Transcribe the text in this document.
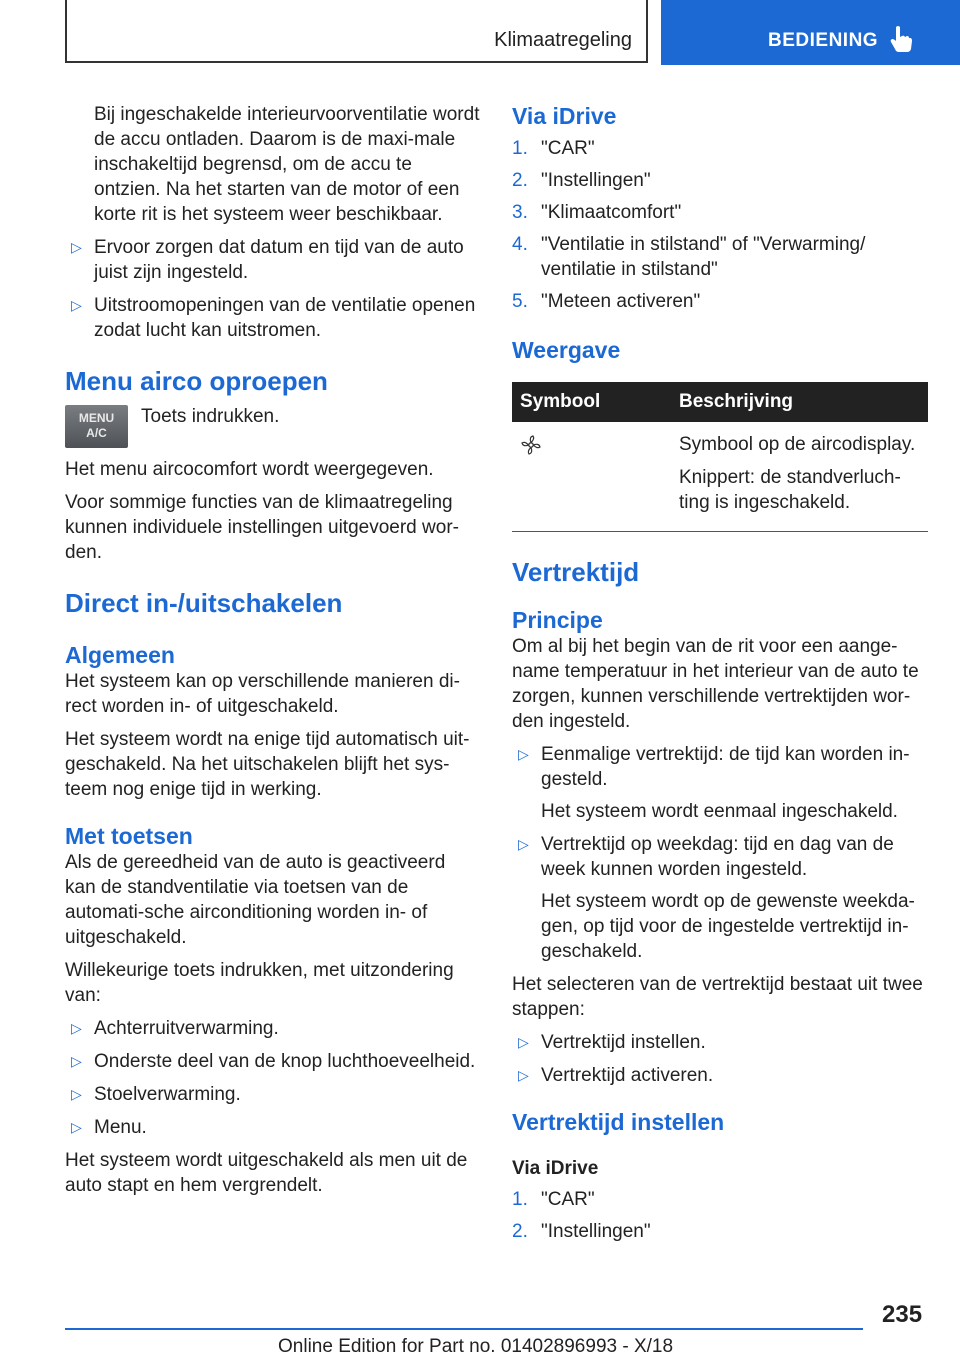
Klimaatregeling	BEDIENING

Bij ingeschakelde interieurvoorventilatie wordt de accu ontladen. Daarom is de maxi-male inschakeltijd begrensd, om de accu te ontzien. Na het starten van de motor of een korte rit is het systeem weer beschikbaar.

▷ Ervoor zorgen dat datum en tijd van de auto juist zijn ingesteld.
▷ Uitstroomopeningen van de ventilatie openen zodat lucht kan uitstromen.
Menu airco oproepen
MENU
A/C
Toets indrukken.

Het menu aircocomfort wordt weergegeven.

Voor sommige functies van de klimaatregeling kunnen individuele instellingen uitgevoerd wor-den.

Direct in-/uitschakelen
Algemeen

Het systeem kan op verschillende manieren di-rect worden in- of uitgeschakeld.

Het systeem wordt na enige tijd automatisch uit-geschakeld. Na het uitschakelen blijft het sys-teem nog enige tijd in werking.

Met toetsen

Als de gereedheid van de auto is geactiveerd kan de standventilatie via toetsen van de automati-sche airconditioning worden in- of uitgeschakeld.

Willekeurige toets indrukken, met uitzondering van:

▷ Achterruitverwarming.
▷ Onderste deel van de knop luchthoeveelheid.
▷ Stoelverwarming.
▷ Menu.

Het systeem wordt uitgeschakeld als men uit de auto stapt en hem vergrendelt.

Via iDrive
1. "CAR"
2. "Instellingen"
3. "Klimaatcomfort"
4. "Ventilatie in stilstand" of "Verwarming/ ventilatie in stilstand"
5. "Meteen activeren"
Weergave
Symbool	Beschrijving

Symbool op de aircodisplay.

Knippert: de standverluch-ting is ingeschakeld.

Vertrektijd
Principe

Om al bij het begin van de rit voor een aange-name temperatuur in het interieur van de auto te zorgen, kunnen verschillende vertrektijden wor-den ingesteld.

▷ Eenmalige vertrektijd: de tijd kan worden in-gesteld.
Het systeem wordt eenmaal ingeschakeld.
▷ Vertrektijd op weekdag: tijd en dag van de week kunnen worden ingesteld.
Het systeem wordt op de gewenste weekda-gen, op tijd voor de ingestelde vertrektijd in-geschakeld.

Het selecteren van de vertrektijd bestaat uit twee stappen:

▷ Vertrektijd instellen.
▷ Vertrektijd activeren.
Vertrektijd instellen
Via iDrive
1. "CAR"
2. "Instellingen"
235
Online Edition for Part no. 01402896993 - X/18
